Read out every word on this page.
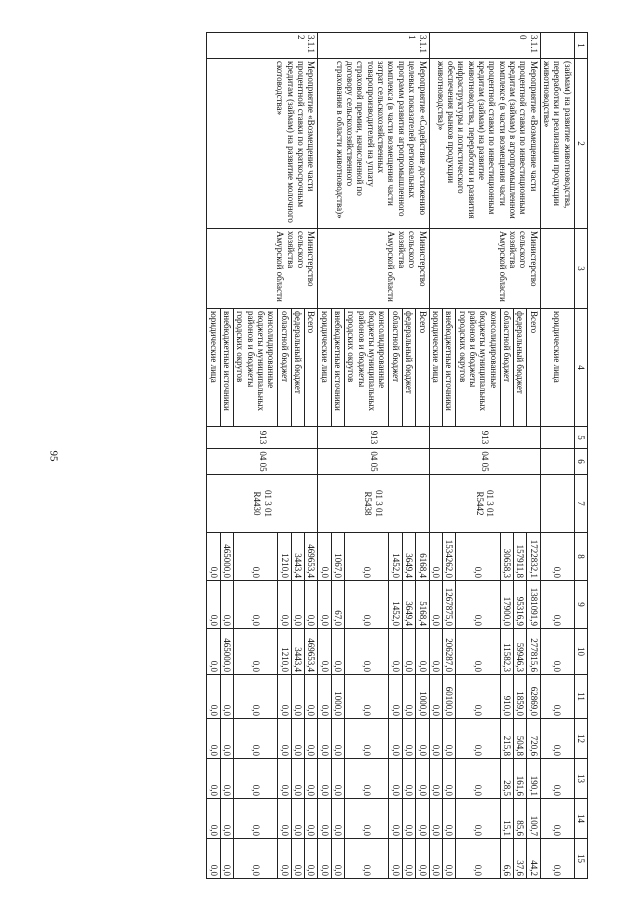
95
1	2	3	4	5	6	7	8	9	10	11	12	13	14	15
	(займам) на развитие животноводства, переработки и реализации продукции животноводства»		юридические лица				0,0	0,0	0,0	0,0	0,0	0,0	0,0	0,0
3.1.10	Мероприятие «Возмещение части процентной ставки по инвестиционным кредитам (займам) в агропромышленном комплексе (в части возмещения части процентной ставки по инвестиционным кредитам (займам) на развитие животноводства, переработки и развития инфраструктуры и логистического обеспечения рынков продукции животноводства)»	Министерство сельского хозяйства Амурской области	Всего	913	04 05	01 3 01 R5442	1722832,1	1381091,9	277815,6	62869,0	720,6	190,1	100,7	44,2
			федеральный бюджет				157911,8	95316,9	59946,3	1859,0	504,8	161,6	85,6	37,6
			областной бюджет				30658,3	17900,0	11582,3	910,0	215,8	28,5	15,1	6,6
			консолидированные бюджеты муниципальных районов и бюджеты городских округов				0,0	0,0	0,0	0,0	0,0	0,0	0,0	0,0
			внебюджетные источники				1534262,0	1267875,0	206287,0	60100,0	0,0	0,0	0,0	0,0
			юридические лица				0,0	0,0	0,0	0,0	0,0	0,0	0,0	0,0
3.1.11	Мероприятие «Содействие достижению целевых показателей региональных программ развития агропромышленного комплекса (в части возмещения части затрат сельскохозяйственных товаропроизводителей на уплату страховой премии, начисленной по договору сельскохозяйственного страхования в области животноводства)»	Министерство сельского хозяйства Амурской области	Всего	913	04 05	01 3 01 R5438	6168,4	5168,4	0,0	1000,0	0,0	0,0	0,0	0,0
			федеральный бюджет				3649,4	3649,4	0,0	0,0	0,0	0,0	0,0	0,0
			областной бюджет				1452,0	1452,0	0,0	0,0	0,0	0,0	0,0	0,0
			консолидированные бюджеты муниципальных районов и бюджеты городских округов				0,0	0,0	0,0	0,0	0,0	0,0	0,0	0,0
			внебюджетные источники				1067,0	67,0	0,0	1000,0	0,0	0,0	0,0	0,0
			юридические лица				0,0	0,0	0,0	0,0	0,0	0,0	0,0	0,0
3.1.12	Мероприятие «Возмещение части процентной ставки по краткосрочным кредитам (займам) на развитие молочного скотоводства»	Министерство сельского хозяйства Амурской области	Всего	913	04 05	01 3 01 R4430	469653,4	0,0	469653,4	0,0	0,0	0,0	0,0	0,0
			федеральный бюджет				3443,4	0,0	3443,4	0,0	0,0	0,0	0,0	0,0
			областной бюджет				1210,0	0,0	1210,0	0,0	0,0	0,0	0,0	0,0
			консолидированные бюджеты муниципальных районов и бюджеты городских округов				0,0	0,0	0,0	0,0	0,0	0,0	0,0	0,0
			внебюджетные источники				465000,0	0,0	465000,0	0,0	0,0	0,0	0,0	0,0
			юридические лица				0,0	0,0	0,0	0,0	0,0	0,0	0,0	0,0
